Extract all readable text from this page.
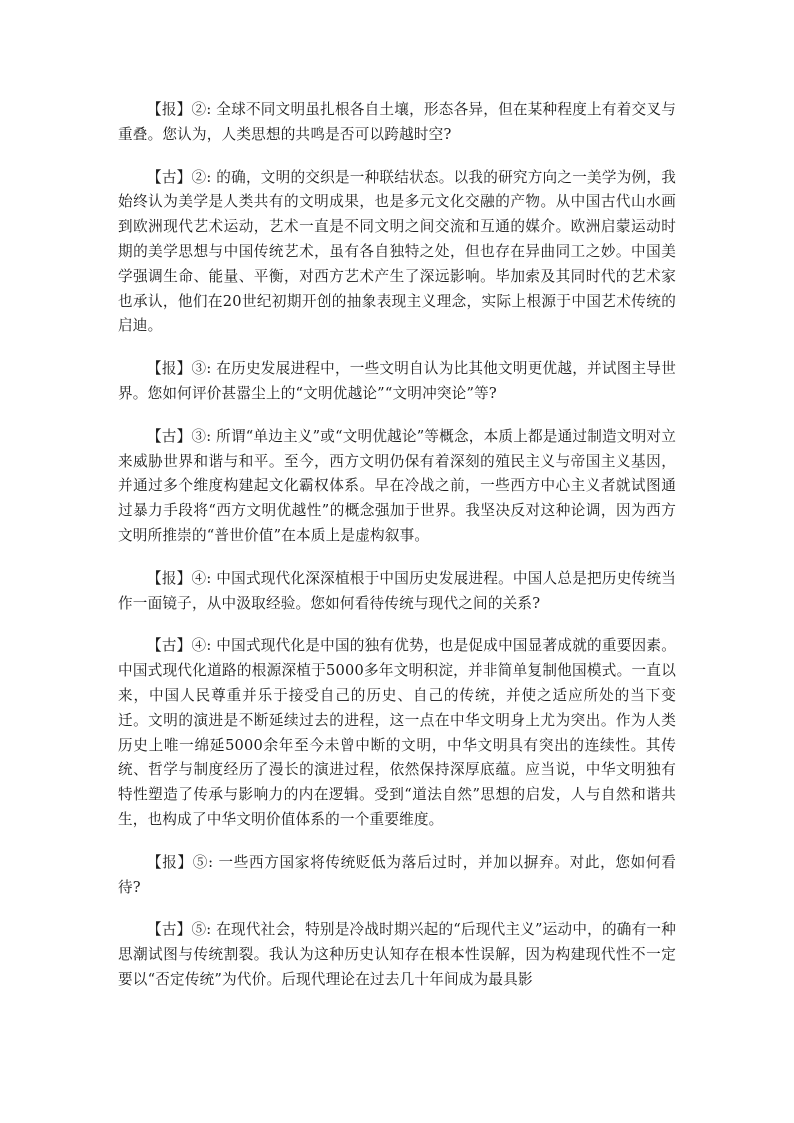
【报】②: 全球不同文明虽扎根各自土壤，形态各异，但在某种程度上有着交叉与重叠。您认为，人类思想的共鸣是否可以跨越时空?

【古】②: 的确，文明的交织是一种联结状态。以我的研究方向之一美学为例，我始终认为美学是人类共有的文明成果，也是多元文化交融的产物。从中国古代山水画到欧洲现代艺术运动，艺术一直是不同文明之间交流和互通的媒介。欧洲启蒙运动时期的美学思想与中国传统艺术，虽有各自独特之处，但也存在异曲同工之妙。中国美学强调生命、能量、平衡，对西方艺术产生了深远影响。毕加索及其同时代的艺术家也承认，他们在20世纪初期开创的抽象表现主义理念，实际上根源于中国艺术传统的启迪。

【报】③: 在历史发展进程中，一些文明自认为比其他文明更优越，并试图主导世界。您如何评价甚嚣尘上的“文明优越论”“文明冲突论”等?

【古】③: 所谓“单边主义”或“文明优越论”等概念，本质上都是通过制造文明对立来威胁世界和谐与和平。至今，西方文明仍保有着深刻的殖民主义与帝国主义基因，并通过多个维度构建起文化霸权体系。早在冷战之前，一些西方中心主义者就试图通过暴力手段将“西方文明优越性”的概念强加于世界。我坚决反对这种论调，因为西方文明所推崇的“普世价值”在本质上是虚构叙事。

【报】④: 中国式现代化深深植根于中国历史发展进程。中国人总是把历史传统当作一面镜子，从中汲取经验。您如何看待传统与现代之间的关系?

【古】④: 中国式现代化是中国的独有优势，也是促成中国显著成就的重要因素。中国式现代化道路的根源深植于5000多年文明积淀，并非简单复制他国模式。一直以来，中国人民尊重并乐于接受自己的历史、自己的传统，并使之适应所处的当下变迁。文明的演进是不断延续过去的进程，这一点在中华文明身上尤为突出。作为人类历史上唯一绵延5000余年至今未曾中断的文明，中华文明具有突出的连续性。其传统、哲学与制度经历了漫长的演进过程，依然保持深厚底蕴。应当说，中华文明独有特性塑造了传承与影响力的内在逻辑。受到“道法自然”思想的启发，人与自然和谐共生，也构成了中华文明价值体系的一个重要维度。

【报】⑤: 一些西方国家将传统贬低为落后过时，并加以摒弃。对此，您如何看待?

【古】⑤: 在现代社会，特别是冷战时期兴起的“后现代主义”运动中，的确有一种思潮试图与传统割裂。我认为这种历史认知存在根本性误解，因为构建现代性不一定要以“否定传统”为代价。后现代理论在过去几十年间成为最具影
